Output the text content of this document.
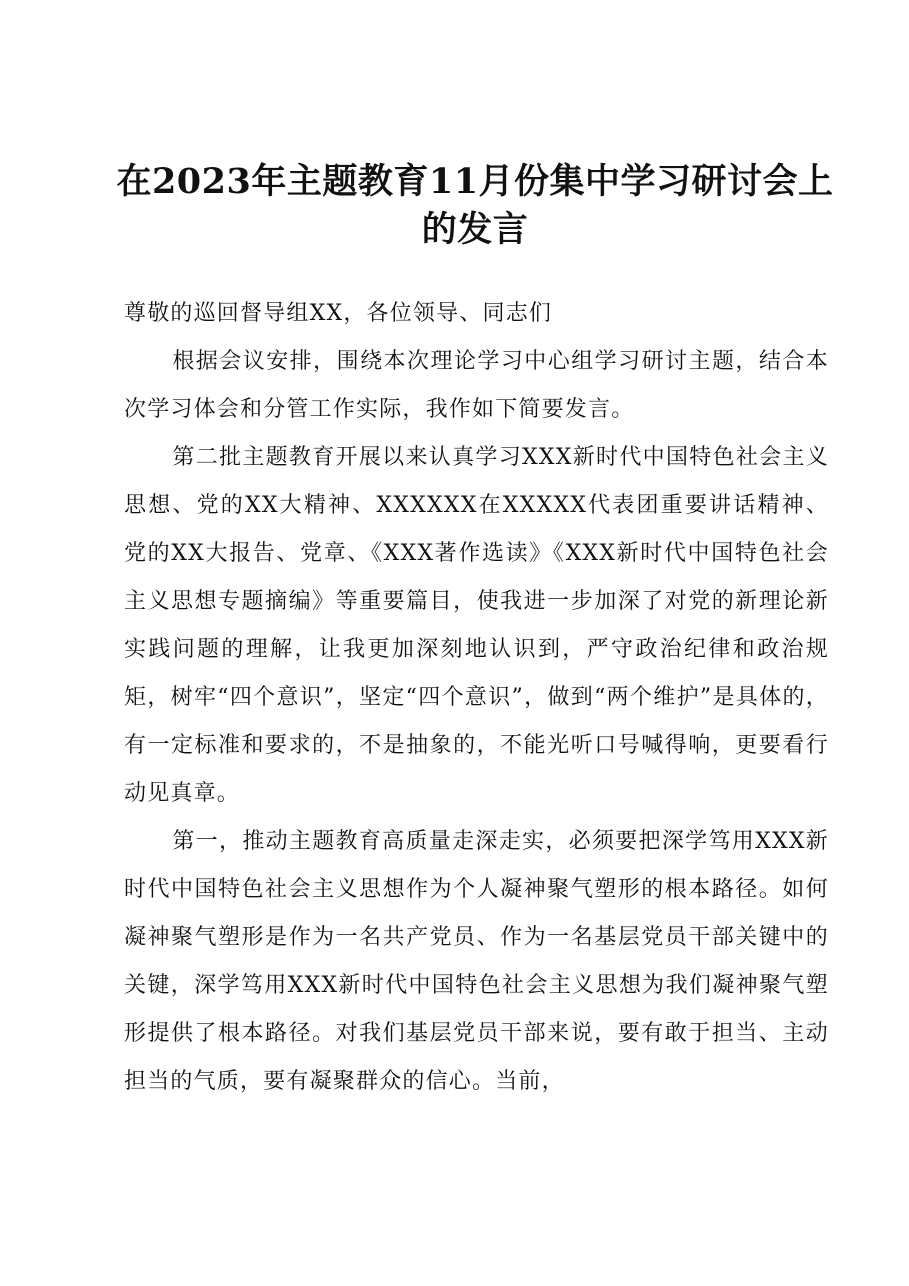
在2023年主题教育11月份集中学习研讨会上的发言

尊敬的巡回督导组XX，各位领导、同志们

根据会议安排，围绕本次理论学习中心组学习研讨主题，结合本次学习体会和分管工作实际，我作如下简要发言。

第二批主题教育开展以来认真学习XXX新时代中国特色社会主义思想、党的XX大精神、XXXXXX在XXXXX代表团重要讲话精神、党的XX大报告、党章、《XXX著作选读》《XXX新时代中国特色社会主义思想专题摘编》等重要篇目，使我进一步加深了对党的新理论新实践问题的理解，让我更加深刻地认识到，严守政治纪律和政治规矩，树牢“四个意识”，坚定“四个意识”，做到“两个维护”是具体的，有一定标准和要求的，不是抽象的，不能光听口号喊得响，更要看行动见真章。

第一，推动主题教育高质量走深走实，必须要把深学笃用XXX新时代中国特色社会主义思想作为个人凝神聚气塑形的根本路径。如何凝神聚气塑形是作为一名共产党员、作为一名基层党员干部关键中的关键，深学笃用XXX新时代中国特色社会主义思想为我们凝神聚气塑形提供了根本路径。对我们基层党员干部来说，要有敢于担当、主动担当的气质，要有凝聚群众的信心。当前，
